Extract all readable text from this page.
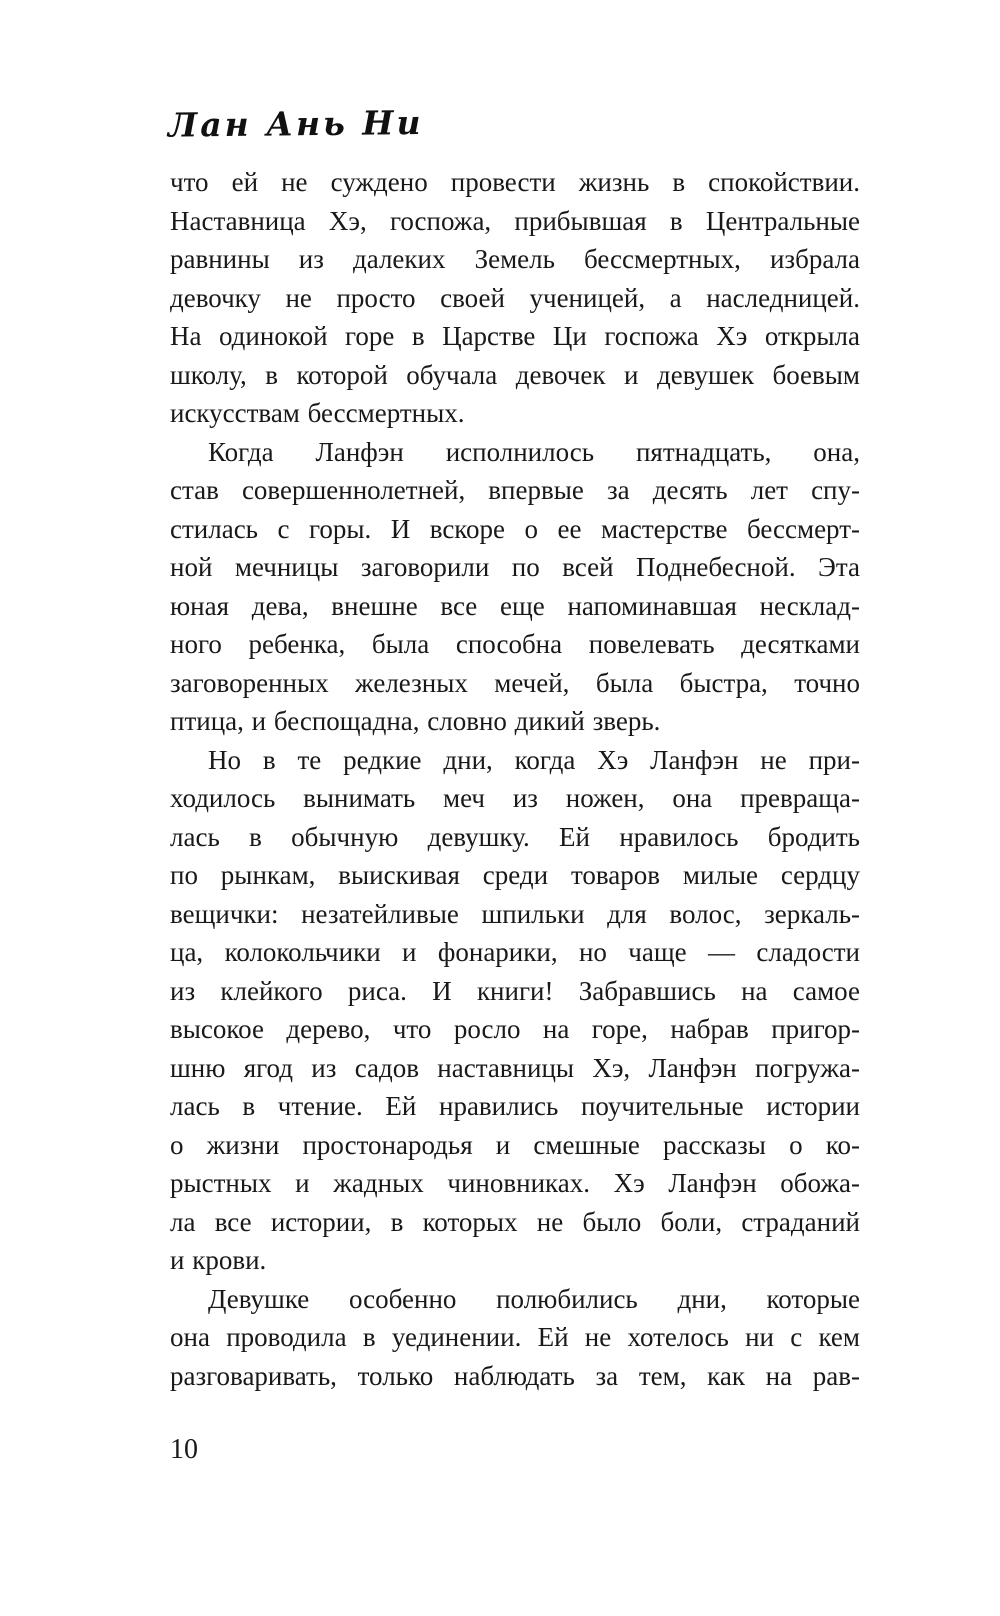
Лан Ань Ни
что ей не суждено провести жизнь в спокойствии.
Наставница Хэ, госпожа, прибывшая в Центральные
равнины из далеких Земель бессмертных, избрала
девочку не просто своей ученицей, а наследницей.
На одинокой горе в Царстве Ци госпожа Хэ открыла
школу, в которой обучала девочек и девушек боевым
искусствам бессмертных.
Когда Ланфэн исполнилось пятнадцать, она,
став совершеннолетней, впервые за десять лет спу-
стилась с горы. И вскоре о ее мастерстве бессмерт-
ной мечницы заговорили по всей Поднебесной. Эта
юная дева, внешне все еще напоминавшая несклад-
ного ребенка, была способна повелевать десятками
заговоренных железных мечей, была быстра, точно
птица, и беспощадна, словно дикий зверь.
Но в те редкие дни, когда Хэ Ланфэн не при-
ходилось вынимать меч из ножен, она превраща-
лась в обычную девушку. Ей нравилось бродить
по рынкам, выискивая среди товаров милые сердцу
вещички: незатейливые шпильки для волос, зеркаль-
ца, колокольчики и фонарики, но чаще — сладости
из клейкого риса. И книги! Забравшись на самое
высокое дерево, что росло на горе, набрав пригор-
шню ягод из садов наставницы Хэ, Ланфэн погружа-
лась в чтение. Ей нравились поучительные истории
о жизни простонародья и смешные рассказы о ко-
рыстных и жадных чиновниках. Хэ Ланфэн обожа-
ла все истории, в которых не было боли, страданий
и крови.
Девушке особенно полюбились дни, которые
она проводила в уединении. Ей не хотелось ни с кем
разговаривать, только наблюдать за тем, как на рав-
10
